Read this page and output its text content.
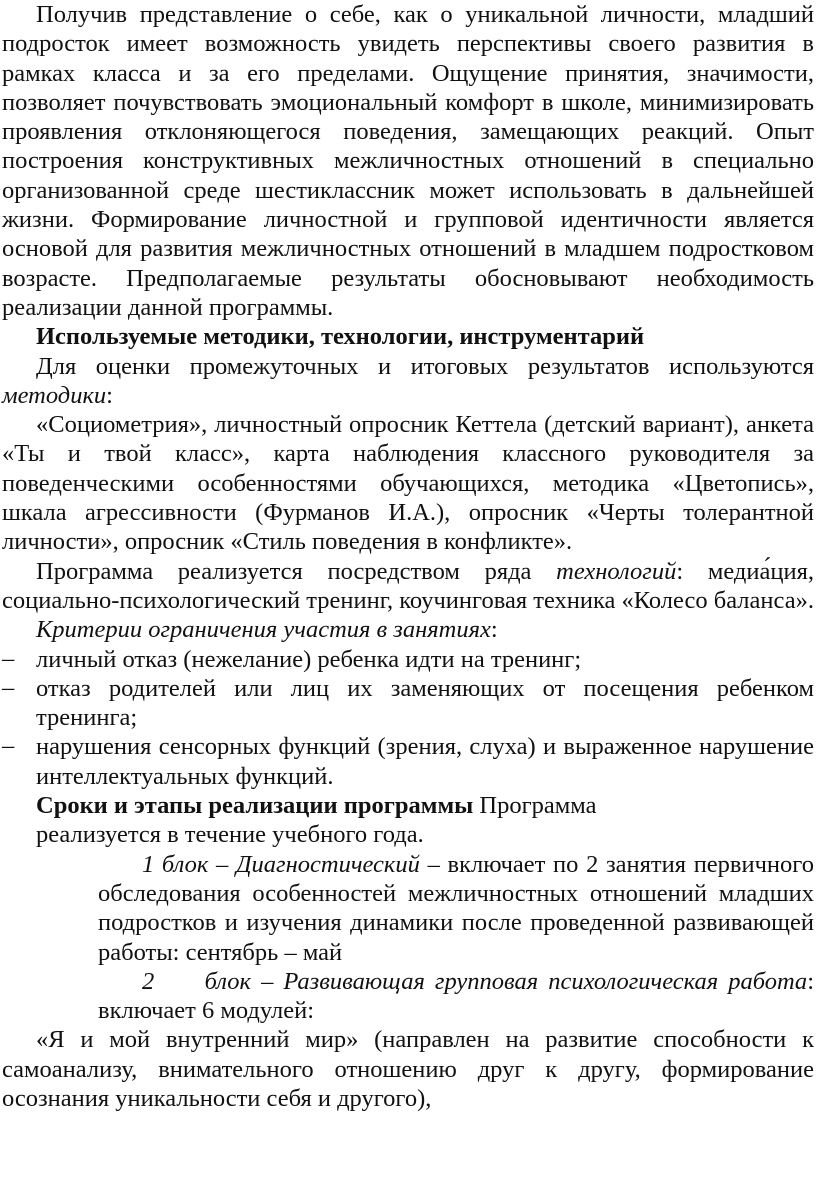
Получив представление о себе, как о уникальной личности, младший подросток имеет возможность увидеть перспективы своего развития в рамках класса и за его пределами. Ощущение принятия, значимости, позволяет почувствовать эмоциональный комфорт в школе, минимизировать проявления отклоняющегося поведения, замещающих реакций. Опыт построения конструктивных межличностных отношений в специально организованной среде шестиклассник может использовать в дальнейшей жизни. Формирование личностной и групповой идентичности является основой для развития межличностных отношений в младшем подростковом возрасте. Предполагаемые результаты обосновывают необходимость реализации данной программы.

Используемые методики, технологии, инструментарий

Для оценки промежуточных и итоговых результатов используются методики:

«Социометрия», личностный опросник Кеттела (детский вариант), анкета «Ты и твой класс», карта наблюдения классного руководителя за поведенческими особенностями обучающихся, методика «Цветопись», шкала агрессивности (Фурманов И.А.), опросник «Черты толерантной личности», опросник «Стиль поведения в конфликте».

Программа реализуется посредством ряда технологий: медиа́ция, социально-психологический тренинг, коучинговая техника «Колесо баланса».

Критерии ограничения участия в занятиях:

– личный отказ (нежелание) ребенка идти на тренинг;

– отказ родителей или лиц их заменяющих от посещения ребенком тренинга;

– нарушения сенсорных функций (зрения, слуха) и выраженное нарушение интеллектуальных функций.

Сроки и этапы реализации программы Программа

реализуется в течение учебного года.

1 блок – Диагностический – включает по 2 занятия первичного обследования особенностей межличностных отношений младших подростков и изучения динамики после проведенной развивающей работы: сентябрь – май

2 блок – Развивающая групповая психологическая работа: включает 6 модулей:

«Я и мой внутренний мир» (направлен на развитие способности к самоанализу, внимательного отношению друг к другу, формирование осознания уникальности себя и другого),
